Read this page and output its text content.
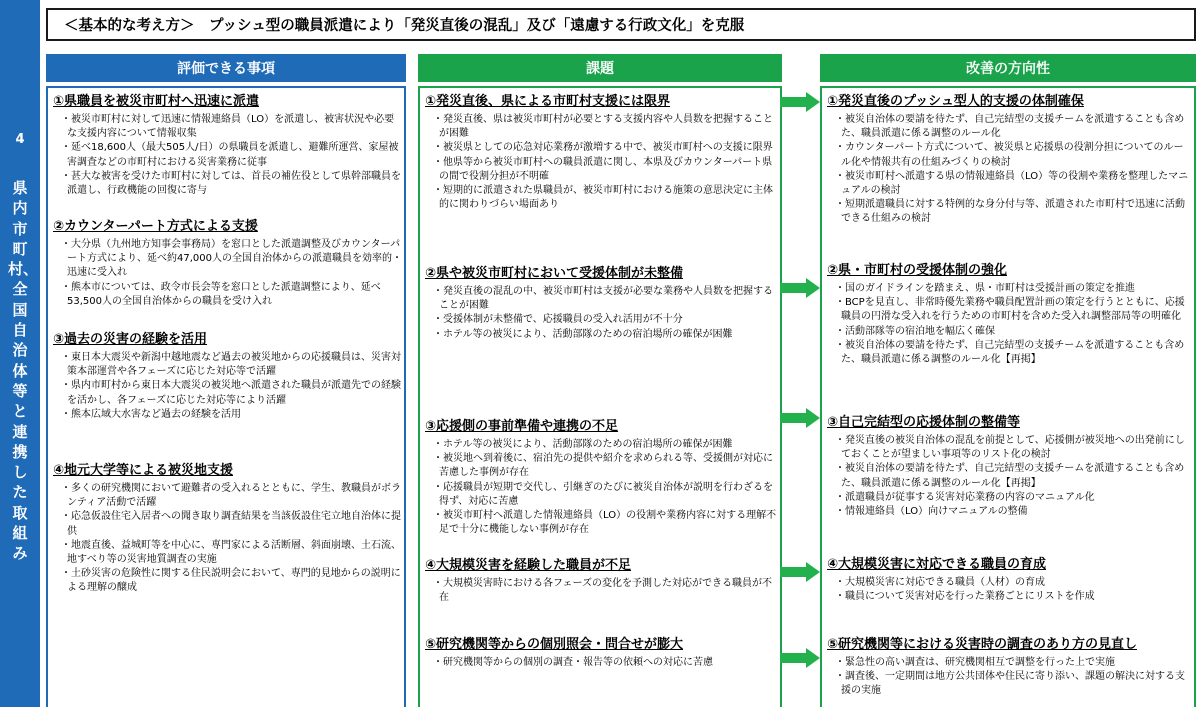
4
県内市町村、全国自治体等と連携した取組み
＜基本的な考え方＞　プッシュ型の職員派遣により「発災直後の混乱」及び「遠慮する行政文化」を克服
評価できる事項	課題	改善の方向性
①県職員を被災市町村へ迅速に派遣
・ 被災市町村に対して迅速に情報連絡員（LO）を派遣し、被害状況や必要な支援内容について情報収集
・ 延べ18,600人（最大505人/日）の県職員を派遣し、避難所運営、家屋被害調査などの市町村における災害業務に従事
・ 甚大な被害を受けた市町村に対しては、首長の補佐役として県幹部職員を派遣し、行政機能の回復に寄与
②カウンターパート方式による支援
・ 大分県（九州地方知事会事務局）を窓口とした派遣調整及びカウンターパート方式により、延べ約47,000人の全国自治体からの派遣職員を効率的・迅速に受入れ
・ 熊本市については、政令市長会等を窓口とした派遣調整により、延べ53,500人の全国自治体からの職員を受け入れ
③過去の災害の経験を活用
・ 東日本大震災や新潟中越地震など過去の被災地からの応援職員は、災害対策本部運営や各フェーズに応じた対応等で活躍
・ 県内市町村から東日本大震災の被災地へ派遣された職員が派遣先での経験を活かし、各フェーズに応じた対応等により活躍
・ 熊本広域大水害など過去の経験を活用
④地元大学等による被災地支援
・ 多くの研究機関において避難者の受入れるとともに、学生、教職員がボランティア活動で活躍
・ 応急仮設住宅入居者への聞き取り調査結果を当該仮設住宅立地自治体に提供
・ 地震直後、益城町等を中心に、専門家による活断層、斜面崩壊、土石流、地すべり等の災害地質調査の実施
・ 土砂災害の危険性に関する住民説明会において、専門的見地からの説明による理解の醸成
①発災直後、県による市町村支援には限界
・ 発災直後、県は被災市町村が必要とする支援内容や人員数を把握することが困難
・ 被災県としての応急対応業務が激増する中で、被災市町村への支援に限界
・ 他県等から被災市町村への職員派遣に関し、本県及びカウンターパート県の間で役割分担が不明確
・ 短期的に派遣された県職員が、被災市町村における施策の意思決定に主体的に関わりづらい場面あり
②県や被災市町村において受援体制が未整備
・ 発災直後の混乱の中、被災市町村は支援が必要な業務や人員数を把握することが困難
・ 受援体制が未整備で、応援職員の受入れ活用が不十分
・ ホテル等の被災により、活動部隊のための宿泊場所の確保が困難
③応援側の事前準備や連携の不足
・ ホテル等の被災により、活動部隊のための宿泊場所の確保が困難
・ 被災地へ到着後に、宿泊先の提供や紹介を求められる等、受援側が対応に苦慮した事例が存在
・ 応援職員が短期で交代し、引継ぎのたびに被災自治体が説明を行わざるを得ず、対応に苦慮
・ 被災市町村へ派遣した情報連絡員（LO）の役割や業務内容に対する理解不足で十分に機能しない事例が存在
④大規模災害を経験した職員が不足
・ 大規模災害時における各フェーズの変化を予測した対応ができる職員が不在
⑤研究機関等からの個別照会・問合せが膨大
・ 研究機関等からの個別の調査・報告等の依頼への対応に苦慮
①発災直後のプッシュ型人的支援の体制確保
・ 被災自治体の要請を待たず、自己完結型の支援チームを派遣することも含めた、職員派遣に係る調整のルール化
・ カウンターパート方式について、被災県と応援県の役割分担についてのルール化や情報共有の仕組みづくりの検討
・ 被災市町村へ派遣する県の情報連絡員（LO）等の役割や業務を整理したマニュアルの検討
・ 短期派遣職員に対する特例的な身分付与等、派遣された市町村で迅速に活動できる仕組みの検討
②県・市町村の受援体制の強化
・ 国のガイドラインを踏まえ、県・市町村は受援計画の策定を推進
・ BCPを見直し、非常時優先業務や職員配置計画の策定を行うとともに、応援職員の円滑な受入れを行うための市町村を含めた受入れ調整部局等の明確化
・ 活動部隊等の宿泊地を幅広く確保
・ 被災自治体の要請を待たず、自己完結型の支援チームを派遣することも含めた、職員派遣に係る調整のルール化【再掲】
③自己完結型の応援体制の整備等
・ 発災直後の被災自治体の混乱を前提として、応援側が被災地への出発前にしておくことが望ましい事項等のリスト化の検討
・ 被災自治体の要請を待たず、自己完結型の支援チームを派遣することも含めた、職員派遣に係る調整のルール化【再掲】
・ 派遣職員が従事する災害対応業務の内容のマニュアル化
・ 情報連絡員（LO）向けマニュアルの整備
④大規模災害に対応できる職員の育成
・ 大規模災害に対応できる職員（人材）の育成
・ 職員について災害対応を行った業務ごとにリストを作成
⑤研究機関等における災害時の調査のあり方の見直し
・ 緊急性の高い調査は、研究機関相互で調整を行った上で実施
・ 調査後、一定期間は地方公共団体や住民に寄り添い、課題の解決に対する支援の実施
